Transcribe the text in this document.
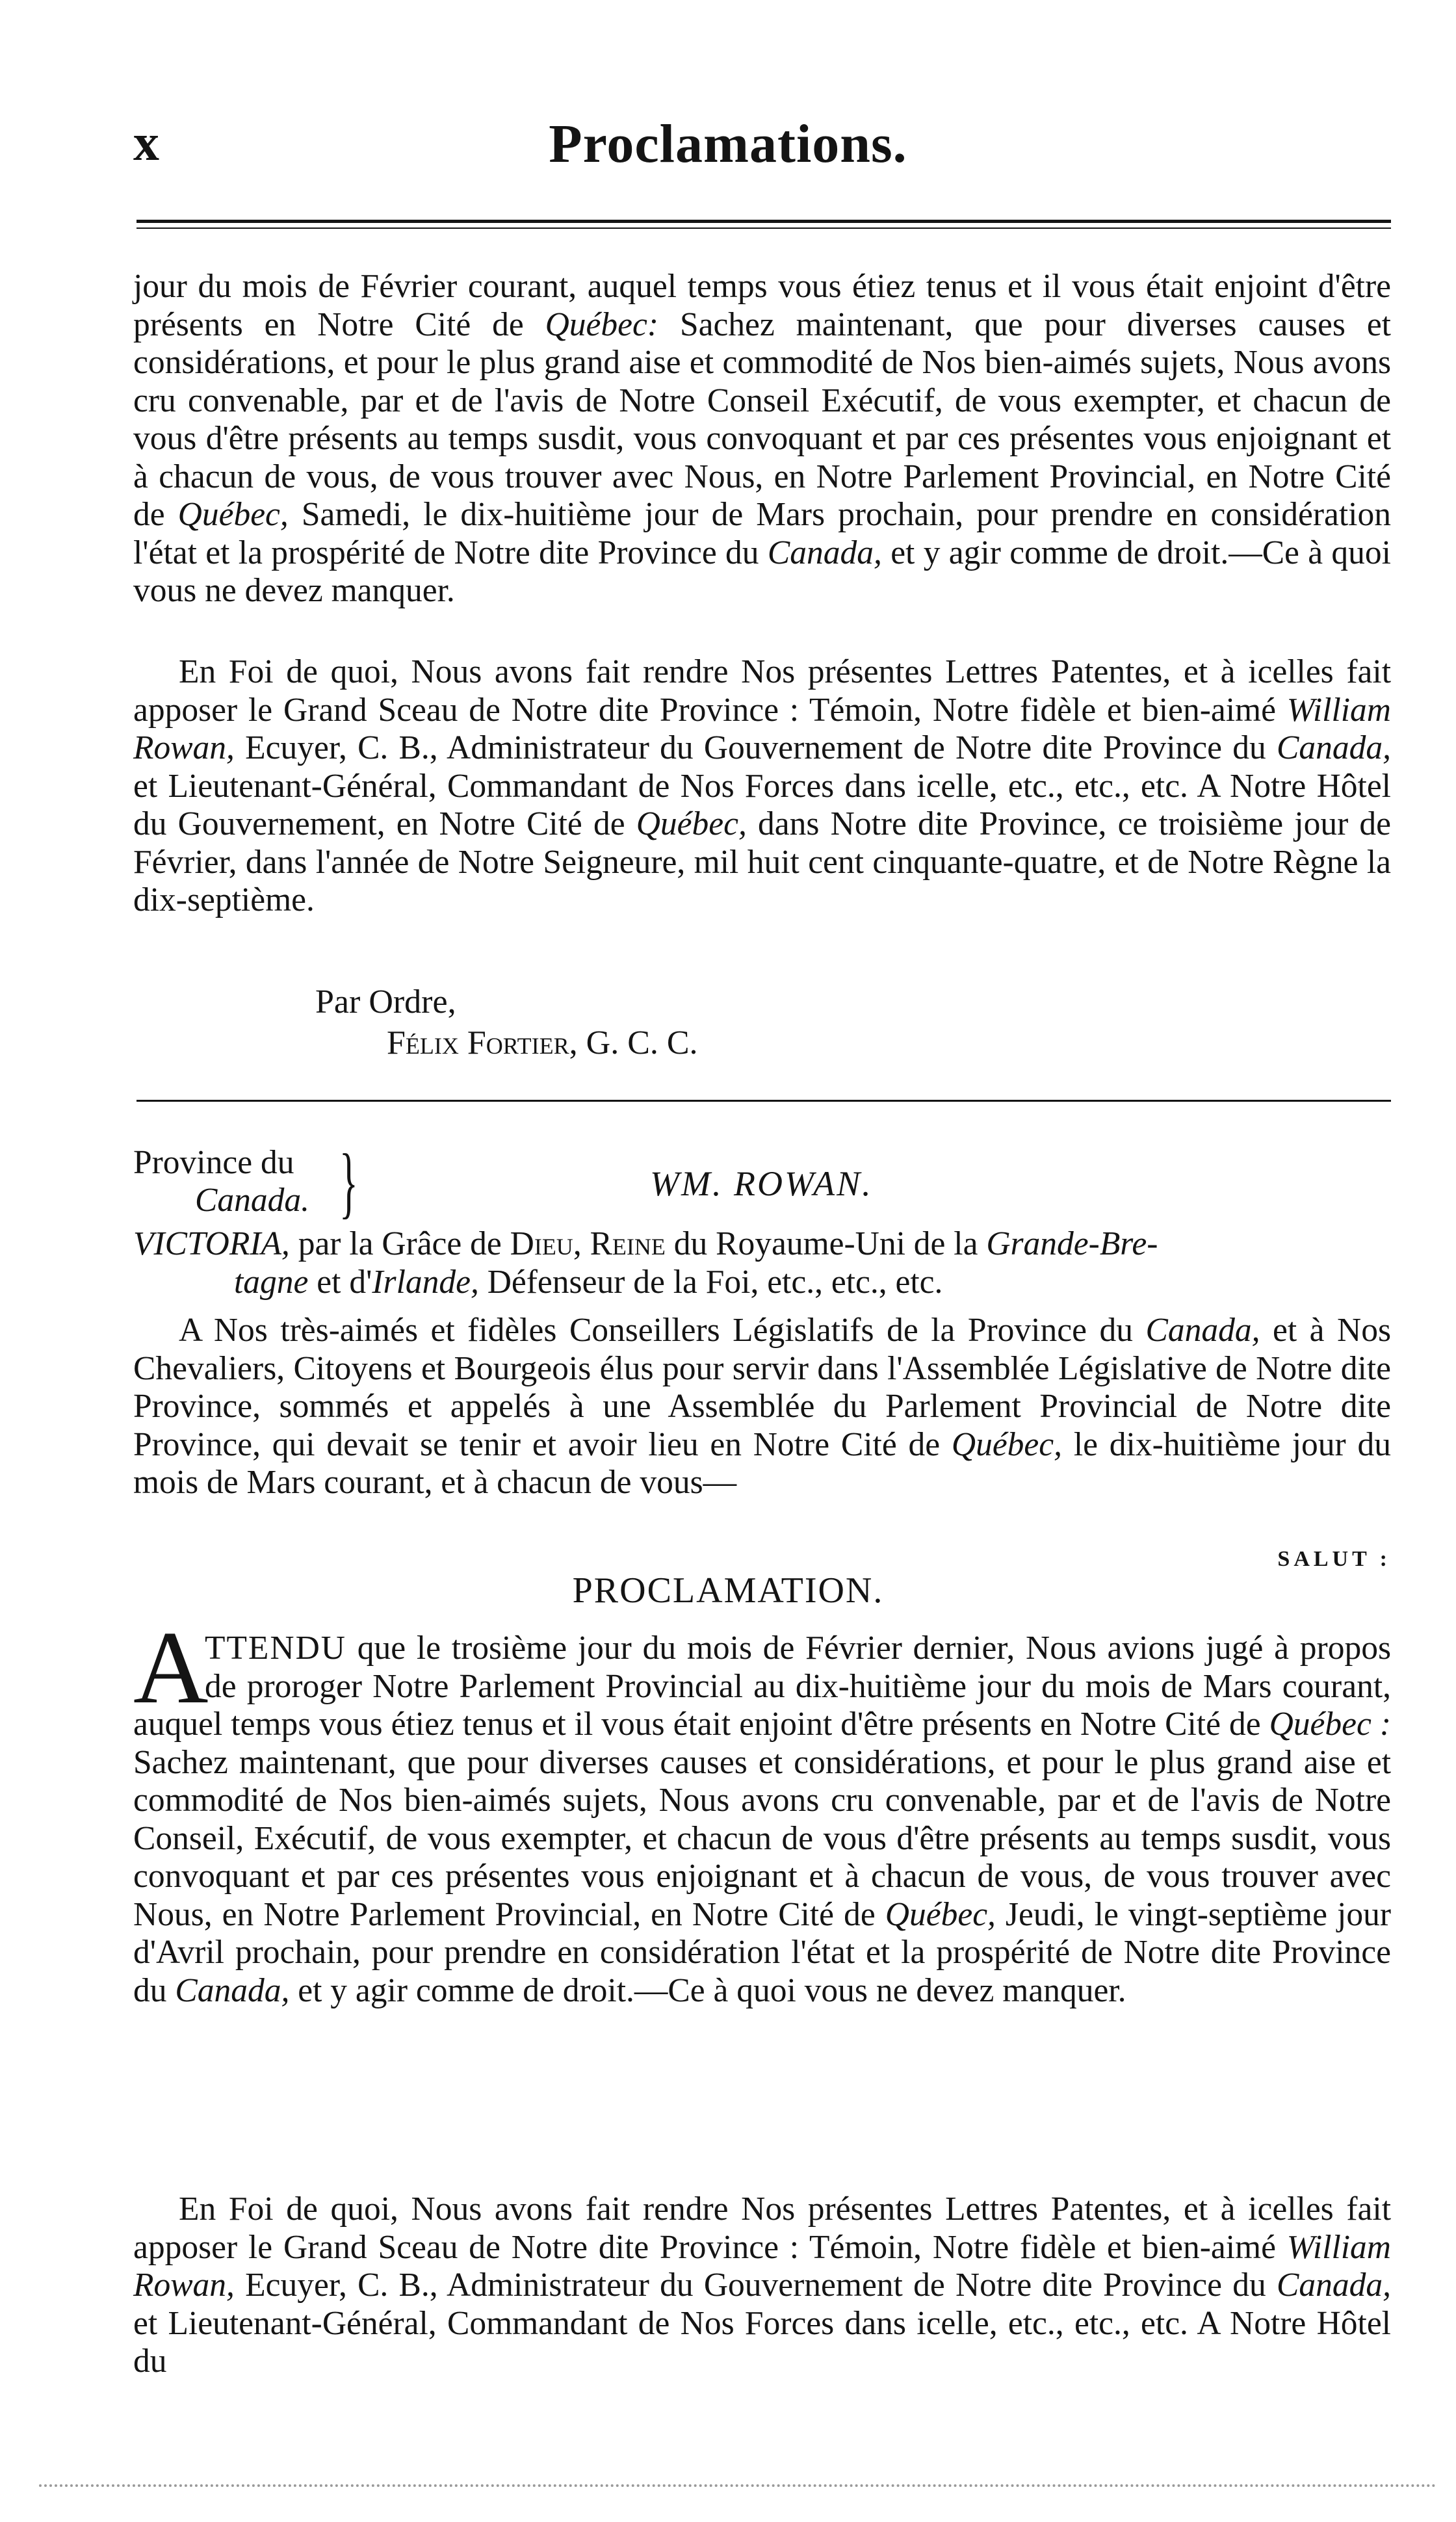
x	Proclamations.

jour du mois de Février courant, auquel temps vous étiez tenus et il vous était enjoint d'être présents en Notre Cité de Québec: Sachez maintenant, que pour diverses causes et considérations, et pour le plus grand aise et commodité de Nos bien-aimés sujets, Nous avons cru convenable, par et de l'avis de Notre Conseil Exécutif, de vous exempter, et chacun de vous d'être présents au temps susdit, vous convoquant et par ces présentes vous enjoignant et à chacun de vous, de vous trouver avec Nous, en Notre Parlement Provincial, en Notre Cité de Québec, Samedi, le dix-huitième jour de Mars prochain, pour prendre en considération l'état et la prospérité de Notre dite Province du Canada, et y agir comme de droit.—Ce à quoi vous ne devez manquer.

En Foi de quoi, Nous avons fait rendre Nos présentes Lettres Patentes, et à icelles fait apposer le Grand Sceau de Notre dite Province : Témoin, Notre fidèle et bien-aimé William Rowan, Ecuyer, C. B., Administrateur du Gouvernement de Notre dite Province du Canada, et Lieutenant-Général, Commandant de Nos Forces dans icelle, etc., etc., etc. A Notre Hôtel du Gouvernement, en Notre Cité de Québec, dans Notre dite Province, ce troisième jour de Février, dans l'année de Notre Seigneure, mil huit cent cinquante-quatre, et de Notre Règne la dix-septième.

Par Ordre,
Félix Fortier, G. C. C.
Province du
Canada. }	WM. ROWAN.

VICTORIA, par la Grâce de Dieu, Reine du Royaume-Uni de la Grande-Bre-
tagne et d'Irlande, Défenseur de la Foi, etc., etc., etc.

A Nos très-aimés et fidèles Conseillers Législatifs de la Province du Canada, et à Nos Chevaliers, Citoyens et Bourgeois élus pour servir dans l'Assemblée Législative de Notre dite Province, sommés et appelés à une Assemblée du Parlement Provincial de Notre dite Province, qui devait se tenir et avoir lieu en Notre Cité de Québec, le dix-huitième jour du mois de Mars courant, et à chacun de vous—

SALUT :
PROCLAMATION.
A

TTENDU que le trosième jour du mois de Février dernier, Nous avions jugé à propos de proroger Notre Parlement Provincial au dix-huitième jour du mois de Mars courant, auquel temps vous étiez tenus et il vous était enjoint d'être présents en Notre Cité de Québec : Sachez maintenant, que pour diverses causes et considérations, et pour le plus grand aise et commodité de Nos bien-aimés sujets, Nous avons cru convenable, par et de l'avis de Notre Conseil, Exécutif, de vous exempter, et chacun de vous d'être présents au temps susdit, vous convoquant et par ces présentes vous enjoignant et à chacun de vous, de vous trouver avec Nous, en Notre Parlement Provincial, en Notre Cité de Québec, Jeudi, le vingt-septième jour d'Avril prochain, pour prendre en considération l'état et la prospérité de Notre dite Province du Canada, et y agir comme de droit.—Ce à quoi vous ne devez manquer.

En Foi de quoi, Nous avons fait rendre Nos présentes Lettres Patentes, et à icelles fait apposer le Grand Sceau de Notre dite Province : Témoin, Notre fidèle et bien-aimé William Rowan, Ecuyer, C. B., Administrateur du Gouvernement de Notre dite Province du Canada, et Lieutenant-Général, Commandant de Nos Forces dans icelle, etc., etc., etc. A Notre Hôtel du
